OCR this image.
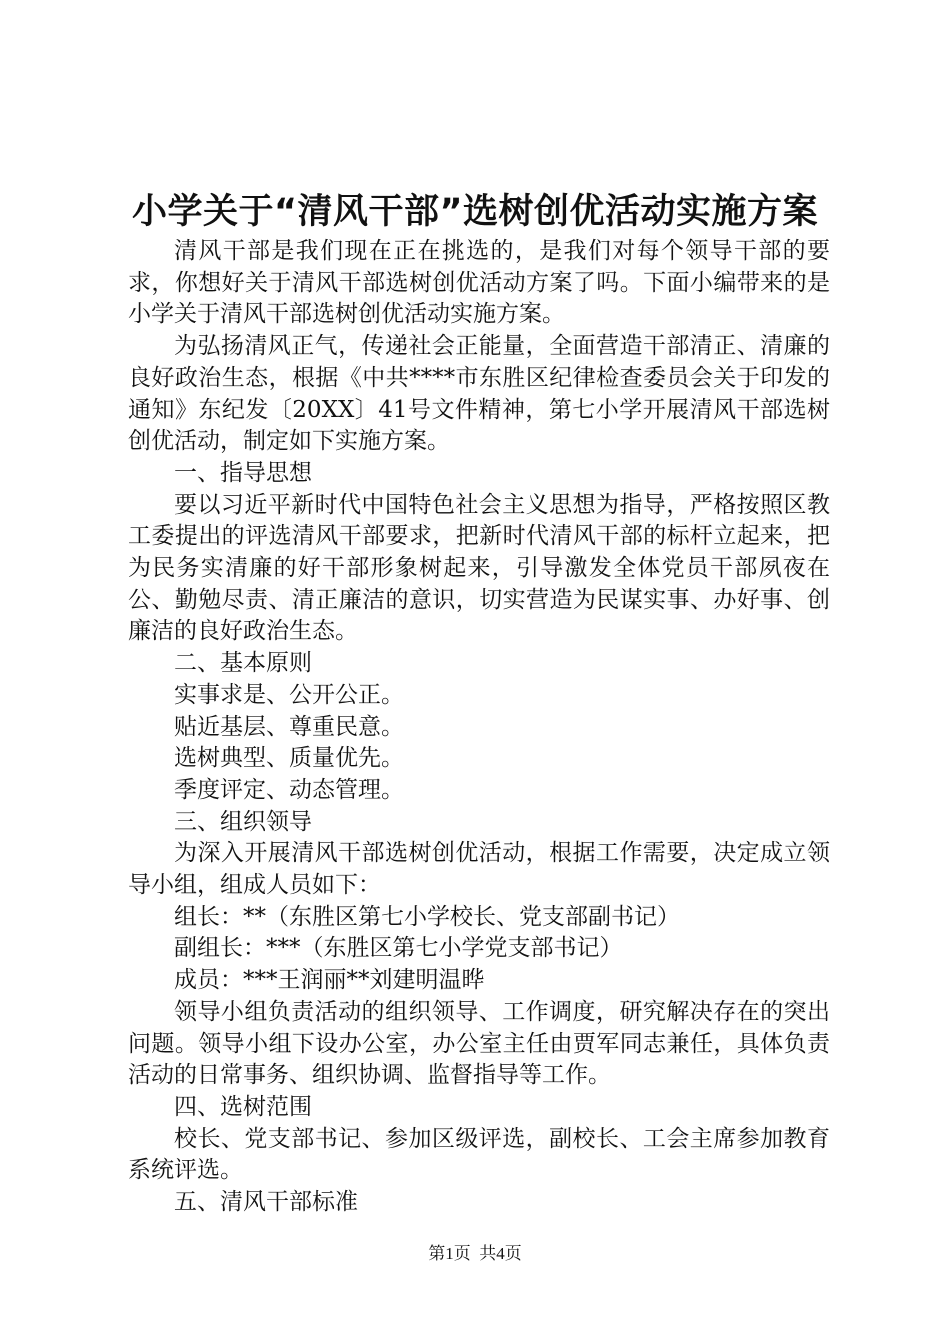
小学关于“清风干部”选树创优活动实施方案

清风干部是我们现在正在挑选的，是我们对每个领导干部的要求，你想好关于清风干部选树创优活动方案了吗。下面小编带来的是小学关于清风干部选树创优活动实施方案。

为弘扬清风正气，传递社会正能量，全面营造干部清正、清廉的良好政治生态，根据《中共****市东胜区纪律检查委员会关于印发的通知》东纪发〔20XX〕41号文件精神，第七小学开展清风干部选树创优活动，制定如下实施方案。

一、指导思想

要以习近平新时代中国特色社会主义思想为指导，严格按照区教工委提出的评选清风干部要求，把新时代清风干部的标杆立起来，把为民务实清廉的好干部形象树起来，引导激发全体党员干部夙夜在公、勤勉尽责、清正廉洁的意识，切实营造为民谋实事、办好事、创廉洁的良好政治生态。

二、基本原则

实事求是、公开公正。

贴近基层、尊重民意。

选树典型、质量优先。

季度评定、动态管理。

三、组织领导

为深入开展清风干部选树创优活动，根据工作需要，决定成立领导小组，组成人员如下：

组长：**（东胜区第七小学校长、党支部副书记）

副组长：***（东胜区第七小学党支部书记）

成员：***王润丽**刘建明温晔

领导小组负责活动的组织领导、工作调度，研究解决存在的突出问题。领导小组下设办公室，办公室主任由贾军同志兼任，具体负责活动的日常事务、组织协调、监督指导等工作。

四、选树范围

校长、党支部书记、参加区级评选，副校长、工会主席参加教育系统评选。

五、清风干部标准

第1页 共4页
